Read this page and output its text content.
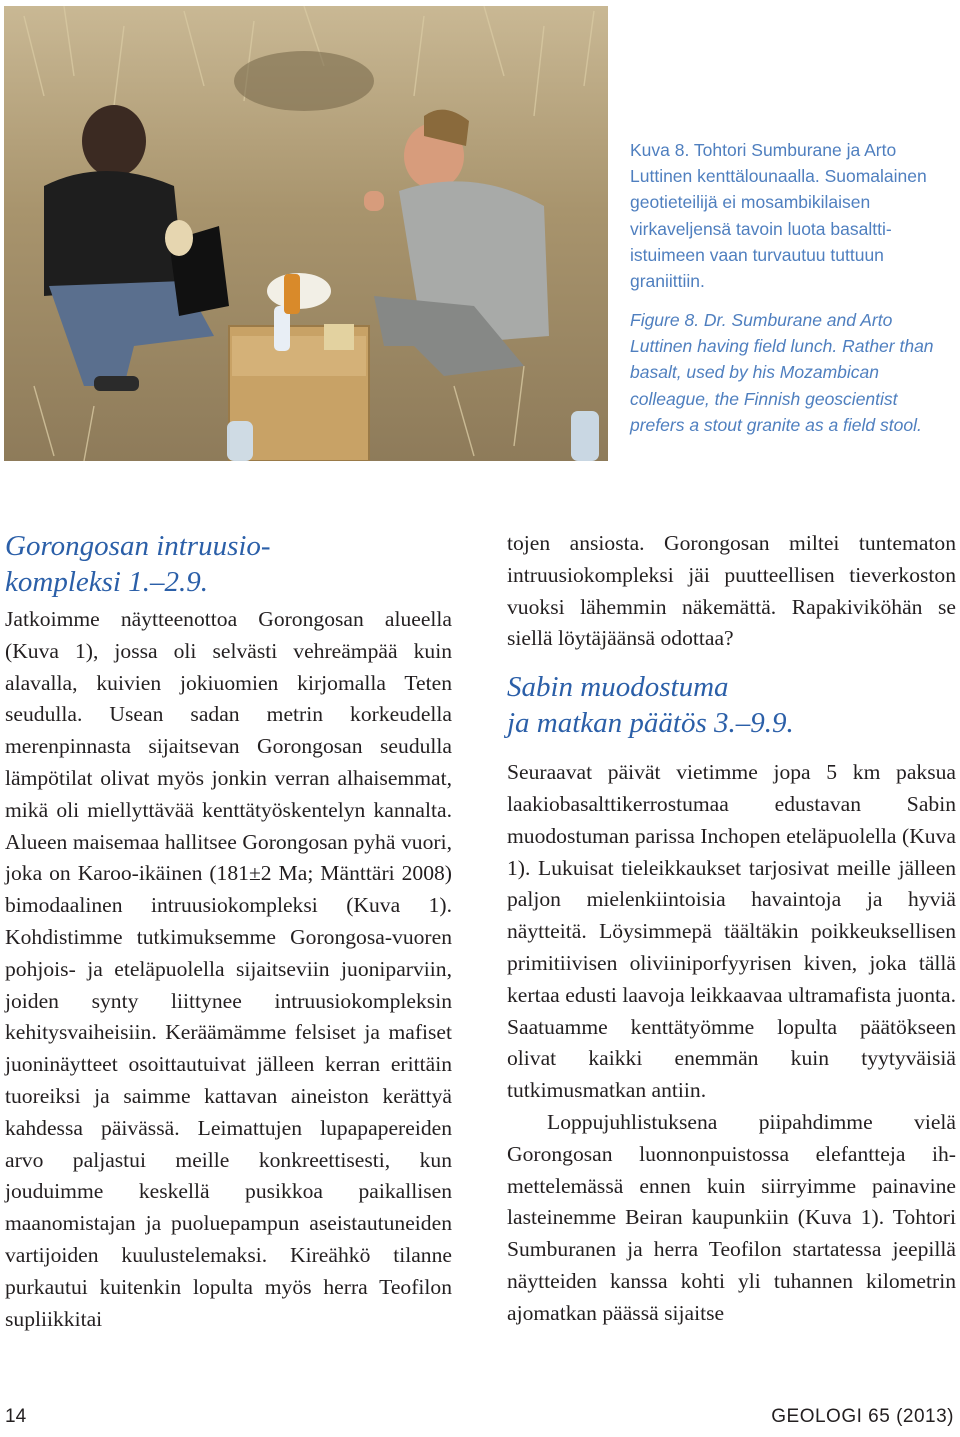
Kuva 8. Tohtori Sumburane ja Arto Luttinen kenttälounaalla. Suomalainen geotieteilijä ei mosambikilaisen virkaveljensä tavoin luota basaltti-istuimeen vaan turvautuu tuttuun graniittiin.

Figure 8. Dr. Sumburane and Arto Luttinen having field lunch. Rather than basalt, used by his Mozambican colleague, the Finnish geoscientist prefers a stout granite as a field stool.

Gorongosan intruusio-
kompleksi 1.–2.9.

Jatkoimme näytteenottoa Gorongosan alueella (Kuva 1), jossa oli selvästi vehreämpää kuin alavalla, kuivien jokiuomien kirjomalla Teten seudulla. Usean sadan metrin korkeudella merenpinnasta sijaitsevan Gorongosan seudulla lämpötilat olivat myös jonkin verran alhaisemmat, mikä oli miellyttävää kenttätyöskentelyn kannalta. Alueen maisemaa hallitsee Gorongosan pyhä vuori, joka on Karoo-ikäinen (181±2 Ma; Mänttäri 2008) bimodaalinen intruusiokompleksi (Kuva 1). Kohdistimme tutkimuksemme Gorongosa-vuoren pohjois- ja eteläpuolella sijaitseviin juoniparviin, joiden synty liittynee intruusiokompleksin kehitysvaiheisiin. Keräämämme felsiset ja mafiset juoninäytteet osoittautuivat jälleen kerran erittäin tuoreiksi ja saimme kattavan aineiston kerättyä kahdessa päivässä. Leimattujen lupapapereiden arvo paljastui meille konkreettisesti, kun jouduimme keskellä pusikkoa paikallisen maanomistajan ja puoluepampun aseistautuneiden vartijoiden kuulustelemaksi. Kireähkö tilanne purkautui kuitenkin lopulta myös herra Teofilon supliikkitai

tojen ansiosta. Gorongosan miltei tuntematon intruusiokompleksi jäi puutteellisen tieverkoston vuoksi lähemmin näkemättä. Rapakiviköhän se siellä löytäjäänsä odottaa?

Sabin muodostuma
ja matkan päätös 3.–9.9.

Seuraavat päivät vietimme jopa 5 km paksua laakiobasalttikerrostumaa edustavan Sabin muodostuman parissa Inchopen eteläpuolella (Kuva 1). Lukuisat tieleikkaukset tarjosivat meille jälleen paljon mielenkiintoisia havaintoja ja hyviä näytteitä. Löysimmepä täältäkin poikkeuksellisen primitiivisen oliviiniporfyyrisen kiven, joka tällä kertaa edusti laavoja leikkaavaa ultramafista juonta. Saatuamme kenttätyömme lopulta päätökseen olivat kaikki enemmän kuin tyytyväisiä tutkimusmatkan antiin.

Loppujuhlistuksena piipahdimme vielä Gorongosan luonnonpuistossa elefantteja ihmettelemässä ennen kuin siirryimme painavine lasteinemme Beiran kaupunkiin (Kuva 1). Tohtori Sumburanen ja herra Teofilon startatessa jeepillä näytteiden kanssa kohti yli tuhannen kilometrin ajomatkan päässä sijaitse

14	GEOLOGI 65 (2013)
